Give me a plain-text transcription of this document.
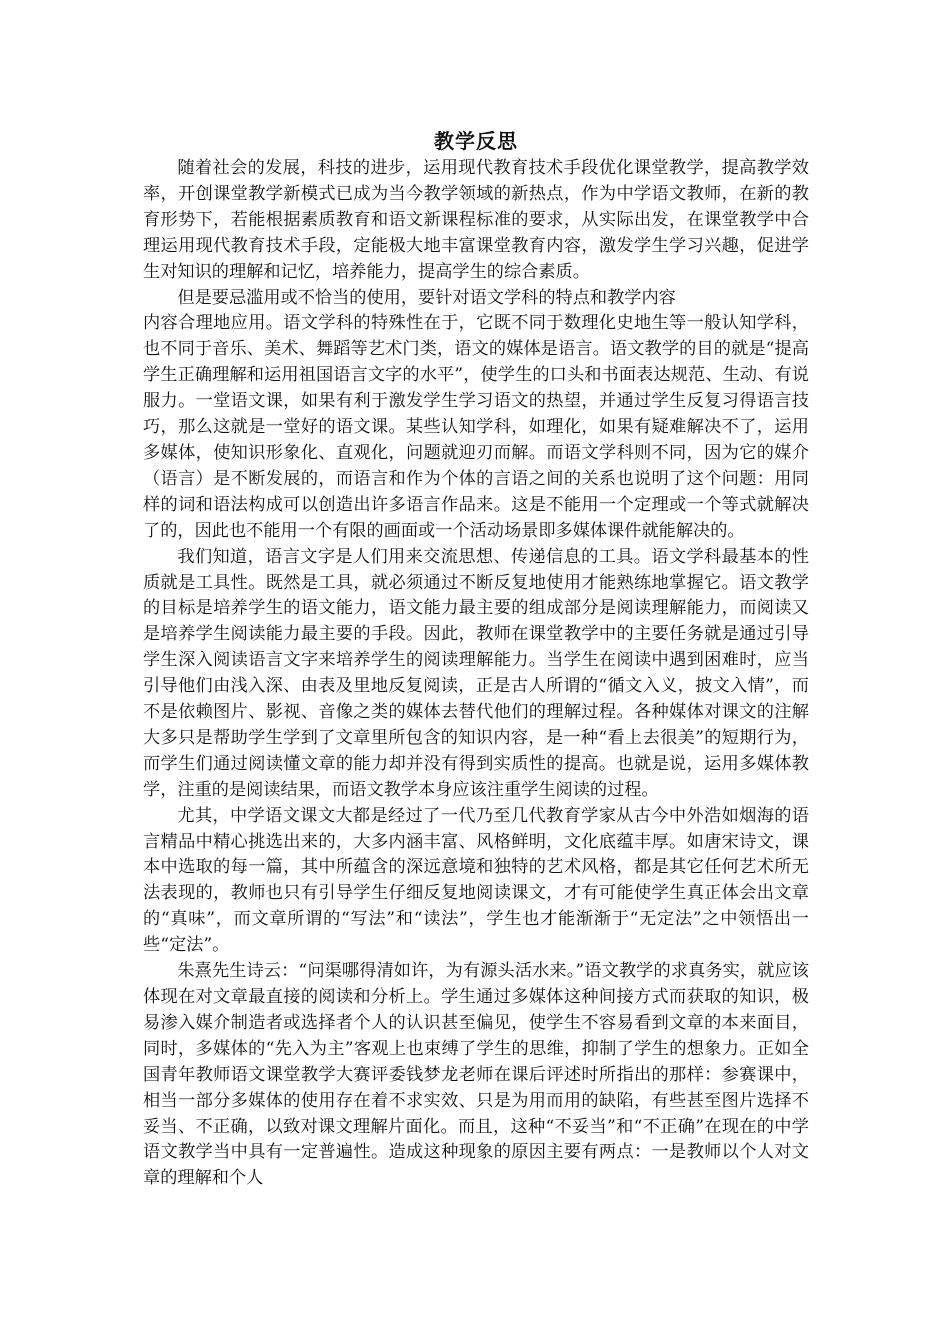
教学反思

随着社会的发展，科技的进步，运用现代教育技术手段优化课堂教学，提高教学效率，开创课堂教学新模式已成为当今教学领域的新热点，作为中学语文教师，在新的教育形势下，若能根据素质教育和语文新课程标准的要求，从实际出发，在课堂教学中合理运用现代教育技术手段，定能极大地丰富课堂教育内容，激发学生学习兴趣，促进学生对知识的理解和记忆，培养能力，提高学生的综合素质。

但是要忌滥用或不恰当的使用，要针对语文学科的特点和教学内容

内容合理地应用。语文学科的特殊性在于，它既不同于数理化史地生等一般认知学科，也不同于音乐、美术、舞蹈等艺术门类，语文的媒体是语言。语文教学的目的就是“提高学生正确理解和运用祖国语言文字的水平”，使学生的口头和书面表达规范、生动、有说服力。一堂语文课，如果有利于激发学生学习语文的热望，并通过学生反复习得语言技巧，那么这就是一堂好的语文课。某些认知学科，如理化，如果有疑难解决不了，运用多媒体，使知识形象化、直观化，问题就迎刃而解。而语文学科则不同，因为它的媒介（语言）是不断发展的，而语言和作为个体的言语之间的关系也说明了这个问题：用同样的词和语法构成可以创造出许多语言作品来。这是不能用一个定理或一个等式就解决了的，因此也不能用一个有限的画面或一个活动场景即多媒体课件就能解决的。

我们知道，语言文字是人们用来交流思想、传递信息的工具。语文学科最基本的性质就是工具性。既然是工具，就必须通过不断反复地使用才能熟练地掌握它。语文教学的目标是培养学生的语文能力，语文能力最主要的组成部分是阅读理解能力，而阅读又是培养学生阅读能力最主要的手段。因此，教师在课堂教学中的主要任务就是通过引导学生深入阅读语言文字来培养学生的阅读理解能力。当学生在阅读中遇到困难时，应当引导他们由浅入深、由表及里地反复阅读，正是古人所谓的“循文入义，披文入情”，而不是依赖图片、影视、音像之类的媒体去替代他们的理解过程。各种媒体对课文的注解大多只是帮助学生学到了文章里所包含的知识内容，是一种“看上去很美”的短期行为，而学生们通过阅读懂文章的能力却并没有得到实质性的提高。也就是说，运用多媒体教学，注重的是阅读结果，而语文教学本身应该注重学生阅读的过程。

尤其，中学语文课文大都是经过了一代乃至几代教育学家从古今中外浩如烟海的语言精品中精心挑选出来的，大多内涵丰富、风格鲜明，文化底蕴丰厚。如唐宋诗文，课本中选取的每一篇，其中所蕴含的深远意境和独特的艺术风格，都是其它任何艺术所无法表现的，教师也只有引导学生仔细反复地阅读课文，才有可能使学生真正体会出文章的“真味”，而文章所谓的“写法”和“读法”，学生也才能渐渐于“无定法”之中领悟出一些“定法”。

朱熹先生诗云：“问渠哪得清如许，为有源头活水来。”语文教学的求真务实，就应该体现在对文章最直接的阅读和分析上。学生通过多媒体这种间接方式而获取的知识，极易渗入媒介制造者或选择者个人的认识甚至偏见，使学生不容易看到文章的本来面目，同时，多媒体的“先入为主”客观上也束缚了学生的思维，抑制了学生的想象力。正如全国青年教师语文课堂教学大赛评委钱梦龙老师在课后评述时所指出的那样：参赛课中，相当一部分多媒体的使用存在着不求实效、只是为用而用的缺陷，有些甚至图片选择不妥当、不正确，以致对课文理解片面化。而且，这种“不妥当”和“不正确”在现在的中学语文教学当中具有一定普遍性。造成这种现象的原因主要有两点：一是教师以个人对文章的理解和个人
